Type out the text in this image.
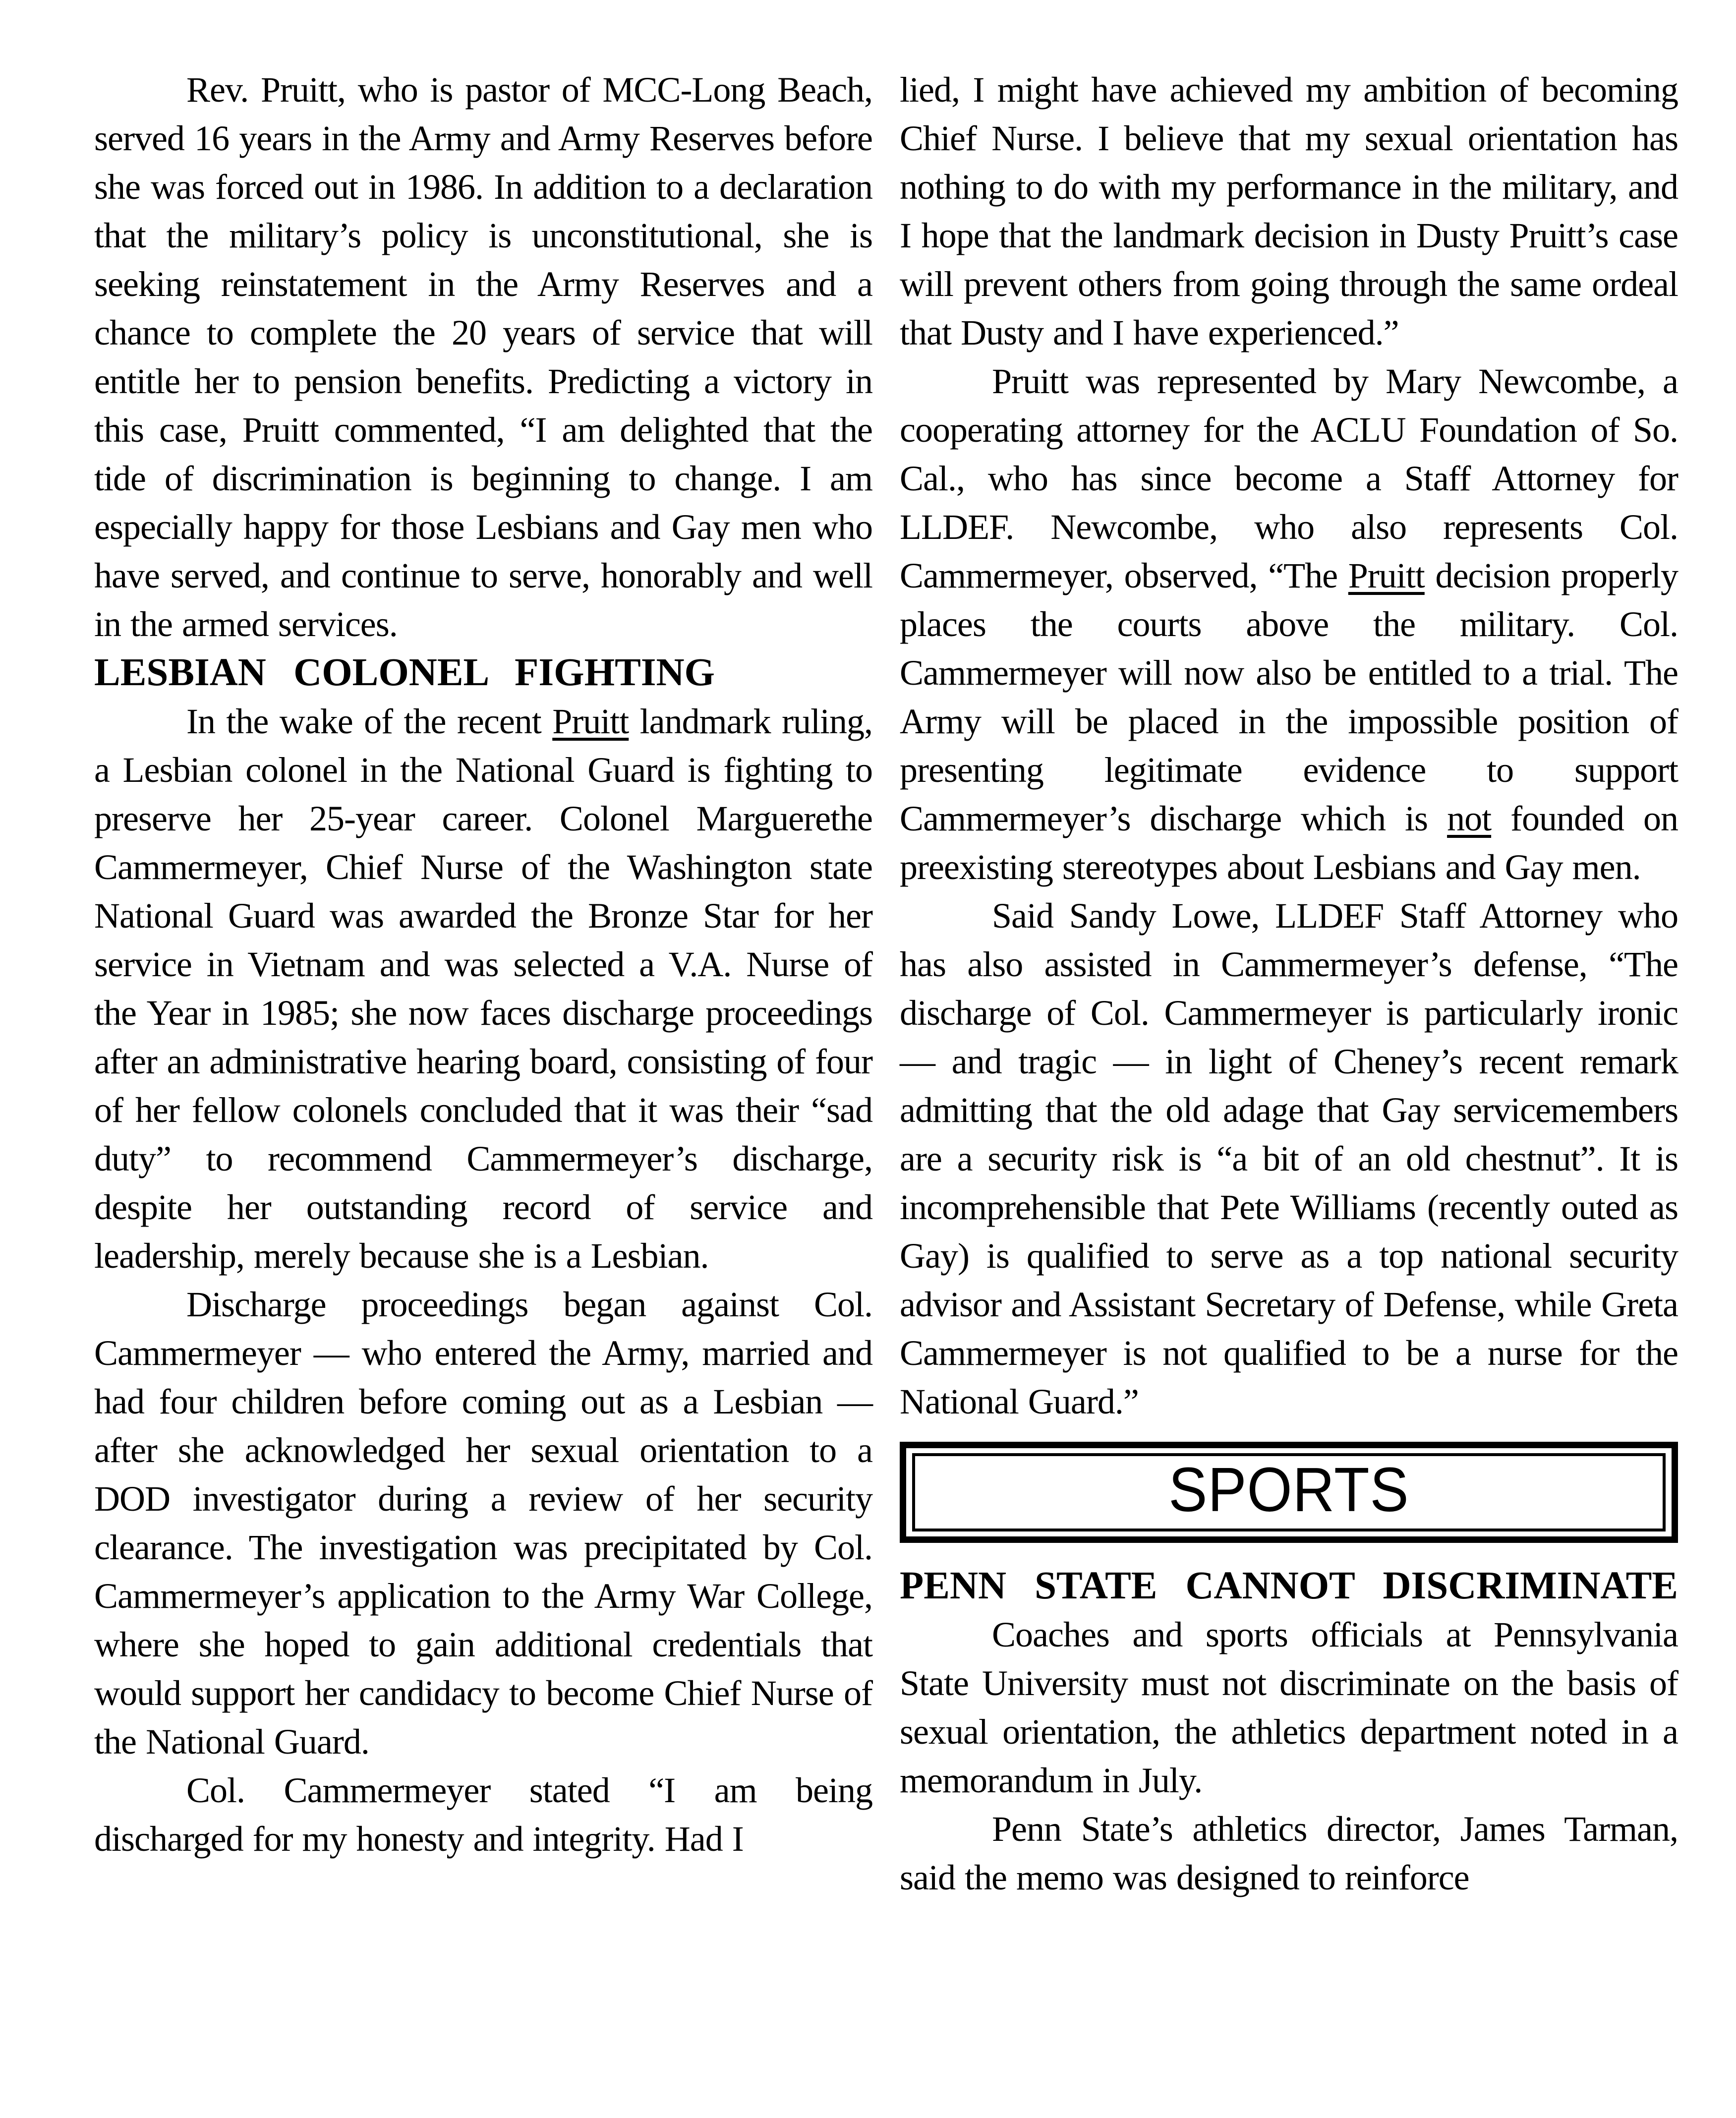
Rev. Pruitt, who is pastor of MCC-Long Beach, served 16 years in the Army and Army Reserves before she was forced out in 1986. In addition to a declaration that the military’s policy is unconstitutional, she is seeking reinstatement in the Army Reserves and a chance to complete the 20 years of service that will entitle her to pension benefits. Predicting a victory in this case, Pruitt commented, “I am delighted that the tide of discrimination is beginning to change. I am especially happy for those Lesbians and Gay men who have served, and continue to serve, honorably and well in the armed services.

LESBIAN COLONEL FIGHTING

In the wake of the recent Pruitt landmark ruling, a Lesbian colonel in the National Guard is fighting to preserve her 25-year career. Colonel Marguerethe Cammermeyer, Chief Nurse of the Washington state National Guard was awarded the Bronze Star for her service in Vietnam and was selected a V.A. Nurse of the Year in 1985; she now faces discharge proceedings after an administrative hearing board, consisting of four of her fellow colonels concluded that it was their “sad duty” to recommend Cammermeyer’s discharge, despite her outstanding record of service and leadership, merely because she is a Lesbian.

Discharge proceedings began against Col. Cammermeyer — who entered the Army, married and had four children before coming out as a Lesbian — after she acknowledged her sexual orientation to a DOD investigator during a review of her security clearance. The investigation was precipitated by Col. Cammermeyer’s application to the Army War College, where she hoped to gain additional credentials that would support her candidacy to become Chief Nurse of the National Guard.

Col. Cammermeyer stated “I am being discharged for my honesty and integrity. Had I

lied, I might have achieved my ambition of becoming Chief Nurse. I believe that my sexual orientation has nothing to do with my performance in the military, and I hope that the landmark decision in Dusty Pruitt’s case will prevent others from going through the same ordeal that Dusty and I have experienced.”

Pruitt was represented by Mary Newcombe, a cooperating attorney for the ACLU Foundation of So. Cal., who has since become a Staff Attorney for LLDEF. Newcombe, who also represents Col. Cammermeyer, observed, “The Pruitt decision properly places the courts above the military. Col. Cammermeyer will now also be entitled to a trial. The Army will be placed in the impossible position of presenting legitimate evidence to support Cammermeyer’s discharge which is not founded on preexisting stereotypes about Lesbians and Gay men.

Said Sandy Lowe, LLDEF Staff Attorney who has also assisted in Cammermeyer’s defense, “The discharge of Col. Cammermeyer is particularly ironic — and tragic — in light of Cheney’s recent remark admitting that the old adage that Gay servicemembers are a security risk is “a bit of an old chestnut”. It is incomprehensible that Pete Williams (recently outed as Gay) is qualified to serve as a top national security advisor and Assistant Secretary of Defense, while Greta Cammermeyer is not qualified to be a nurse for the National Guard.”

SPORTS
PENN STATE CANNOT DISCRIMINATE

Coaches and sports officials at Pennsylvania State University must not discriminate on the basis of sexual orientation, the athletics department noted in a memorandum in July.

Penn State’s athletics director, James Tarman, said the memo was designed to reinforce
